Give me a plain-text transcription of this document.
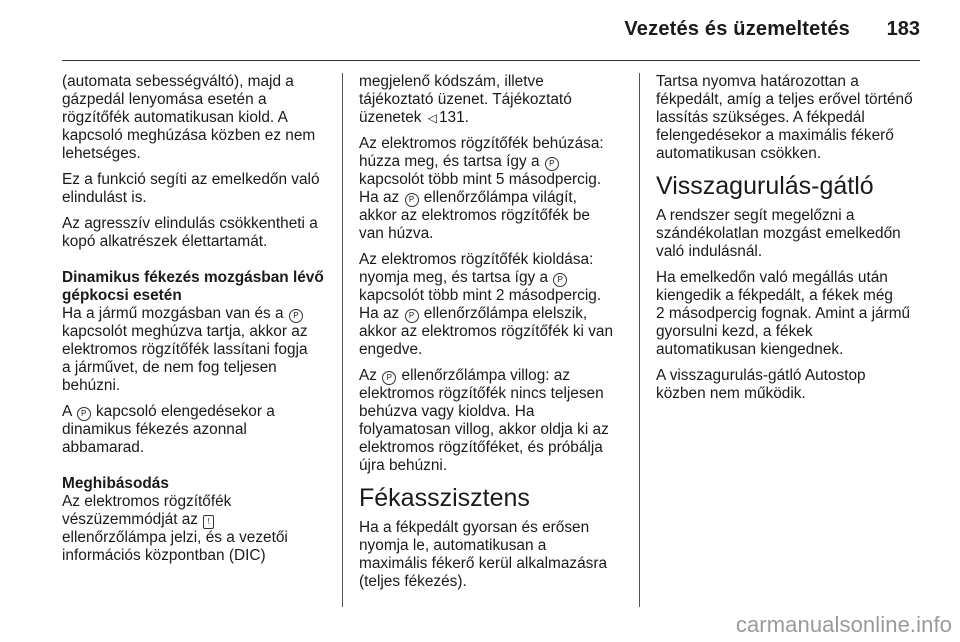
Vezetés és üzemeltetés	183
(automata sebességváltó), majd a
gázpedál lenyomása esetén a
rögzítőfék automatikusan kiold. A
kapcsoló meghúzása közben ez nem
lehetséges.
Ez a funkció segíti az emelkedőn való
elindulást is.
Az agresszív elindulás csökkentheti a
kopó alkatrészek élettartamát.
Dinamikus fékezés mozgásban lévő
gépkocsi esetén
Ha a jármű mozgásban van és a P
kapcsolót meghúzva tartja, akkor az
elektromos rögzítőfék lassítani fogja
a járművet, de nem fog teljesen
behúzni.
A P kapcsoló elengedésekor a
dinamikus fékezés azonnal
abbamarad.
Meghibásodás
Az elektromos rögzítőfék
vészüzemmódját az !
ellenőrzőlámpa jelzi, és a vezetői
információs központban (DIC)
megjelenő kódszám, illetve
tájékoztató üzenet. Tájékoztató
üzenetek ◁ 131.
Az elektromos rögzítőfék behúzása:
húzza meg, és tartsa így a P
kapcsolót több mint 5 másodpercig.
Ha az P ellenőrzőlámpa világít,
akkor az elektromos rögzítőfék be
van húzva.
Az elektromos rögzítőfék kioldása:
nyomja meg, és tartsa így a P
kapcsolót több mint 2 másodpercig.
Ha az P ellenőrzőlámpa elelszik,
akkor az elektromos rögzítőfék ki van
engedve.
Az P ellenőrzőlámpa villog: az
elektromos rögzítőfék nincs teljesen
behúzva vagy kioldva. Ha
folyamatosan villog, akkor oldja ki az
elektromos rögzítőféket, és próbálja
újra behúzni.
Fékasszisztens
Ha a fékpedált gyorsan és erősen
nyomja le, automatikusan a
maximális fékerő kerül alkalmazásra
(teljes fékezés).
Tartsa nyomva határozottan a
fékpedált, amíg a teljes erővel történő
lassítás szükséges. A fékpedál
felengedésekor a maximális fékerő
automatikusan csökken.
Visszagurulás-gátló
A rendszer segít megelőzni a
szándékolatlan mozgást emelkedőn
való indulásnál.
Ha emelkedőn való megállás után
kiengedik a fékpedált, a fékek még
2 másodpercig fognak. Amint a jármű
gyorsulni kezd, a fékek
automatikusan kiengednek.
A visszagurulás-gátló Autostop
közben nem működik.
carmanualsonline.info
